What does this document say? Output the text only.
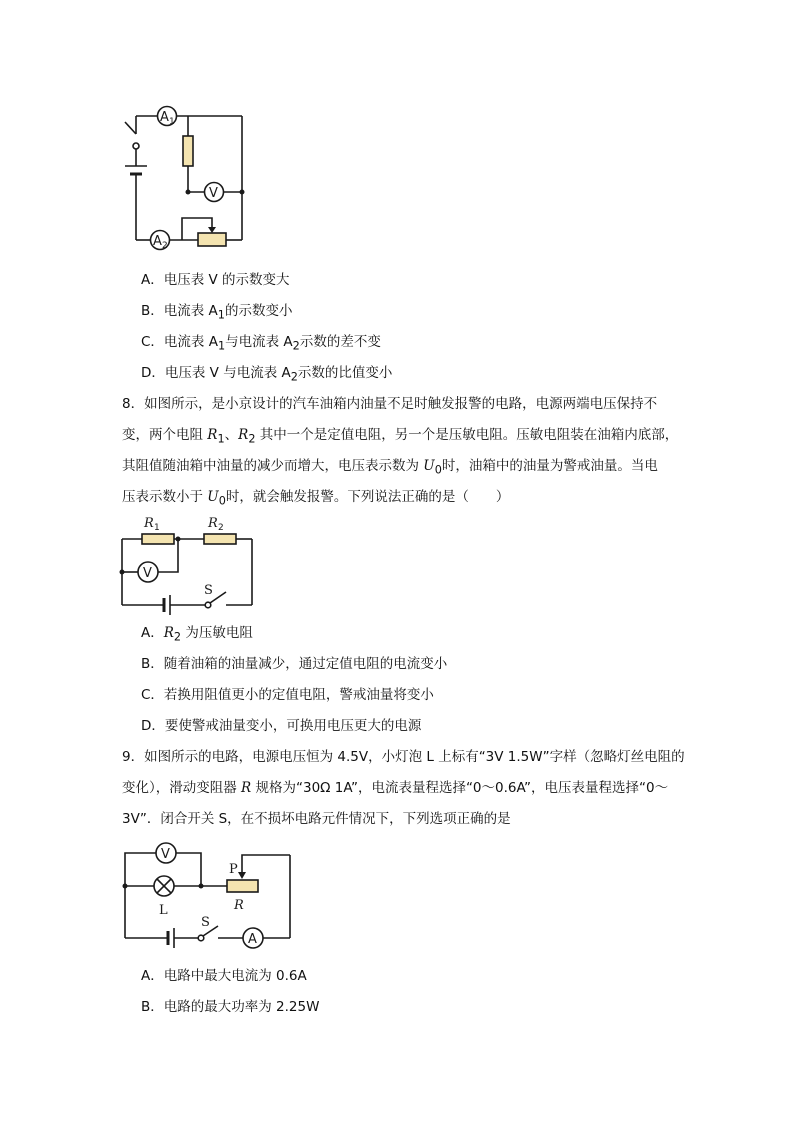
A 1
V
A 2
A．电压表 V 的示数变大
B．电流表 $A_1$的示数变小
C．电流表 $A_1$与电流表 $A_2$示数的差不变
D．电压表 V 与电流表 $A_2$示数的比值变小
8．如图所示，是小京设计的汽车油箱内油量不足时触发报警的电路，电源两端电压保持不
变，两个电阻 $R_1$、$R_2$ 其中一个是定值电阻，另一个是压敏电阻。压敏电阻装在油箱内底部，
其阻值随油箱中油量的减少而增大，电压表示数为 $U_0$时，油箱中的油量为警戒油量。当电
压表示数小于 $U_0$时，就会触发报警。下列说法正确的是（　　）
V
R 1	R 2
S
A．$R_2$ 为压敏电阻
B．随着油箱的油量减少，通过定值电阻的电流变小
C．若换用阻值更小的定值电阻，警戒油量将变小
D．要使警戒油量变小，可换用电压更大的电源
9．如图所示的电路，电源电压恒为 4.5V，小灯泡 L 上标有“3V 1.5W”字样（忽略灯丝电阻的
变化），滑动变阻器 R 规格为“30Ω 1A”，电流表量程选择“0～0.6A”，电压表量程选择“0～
3V”．闭合开关 S，在不损坏电路元件情况下，下列选项正确的是
V
A
P
L	R
S
A．电路中最大电流为 0.6A
B．电路的最大功率为 2.25W
